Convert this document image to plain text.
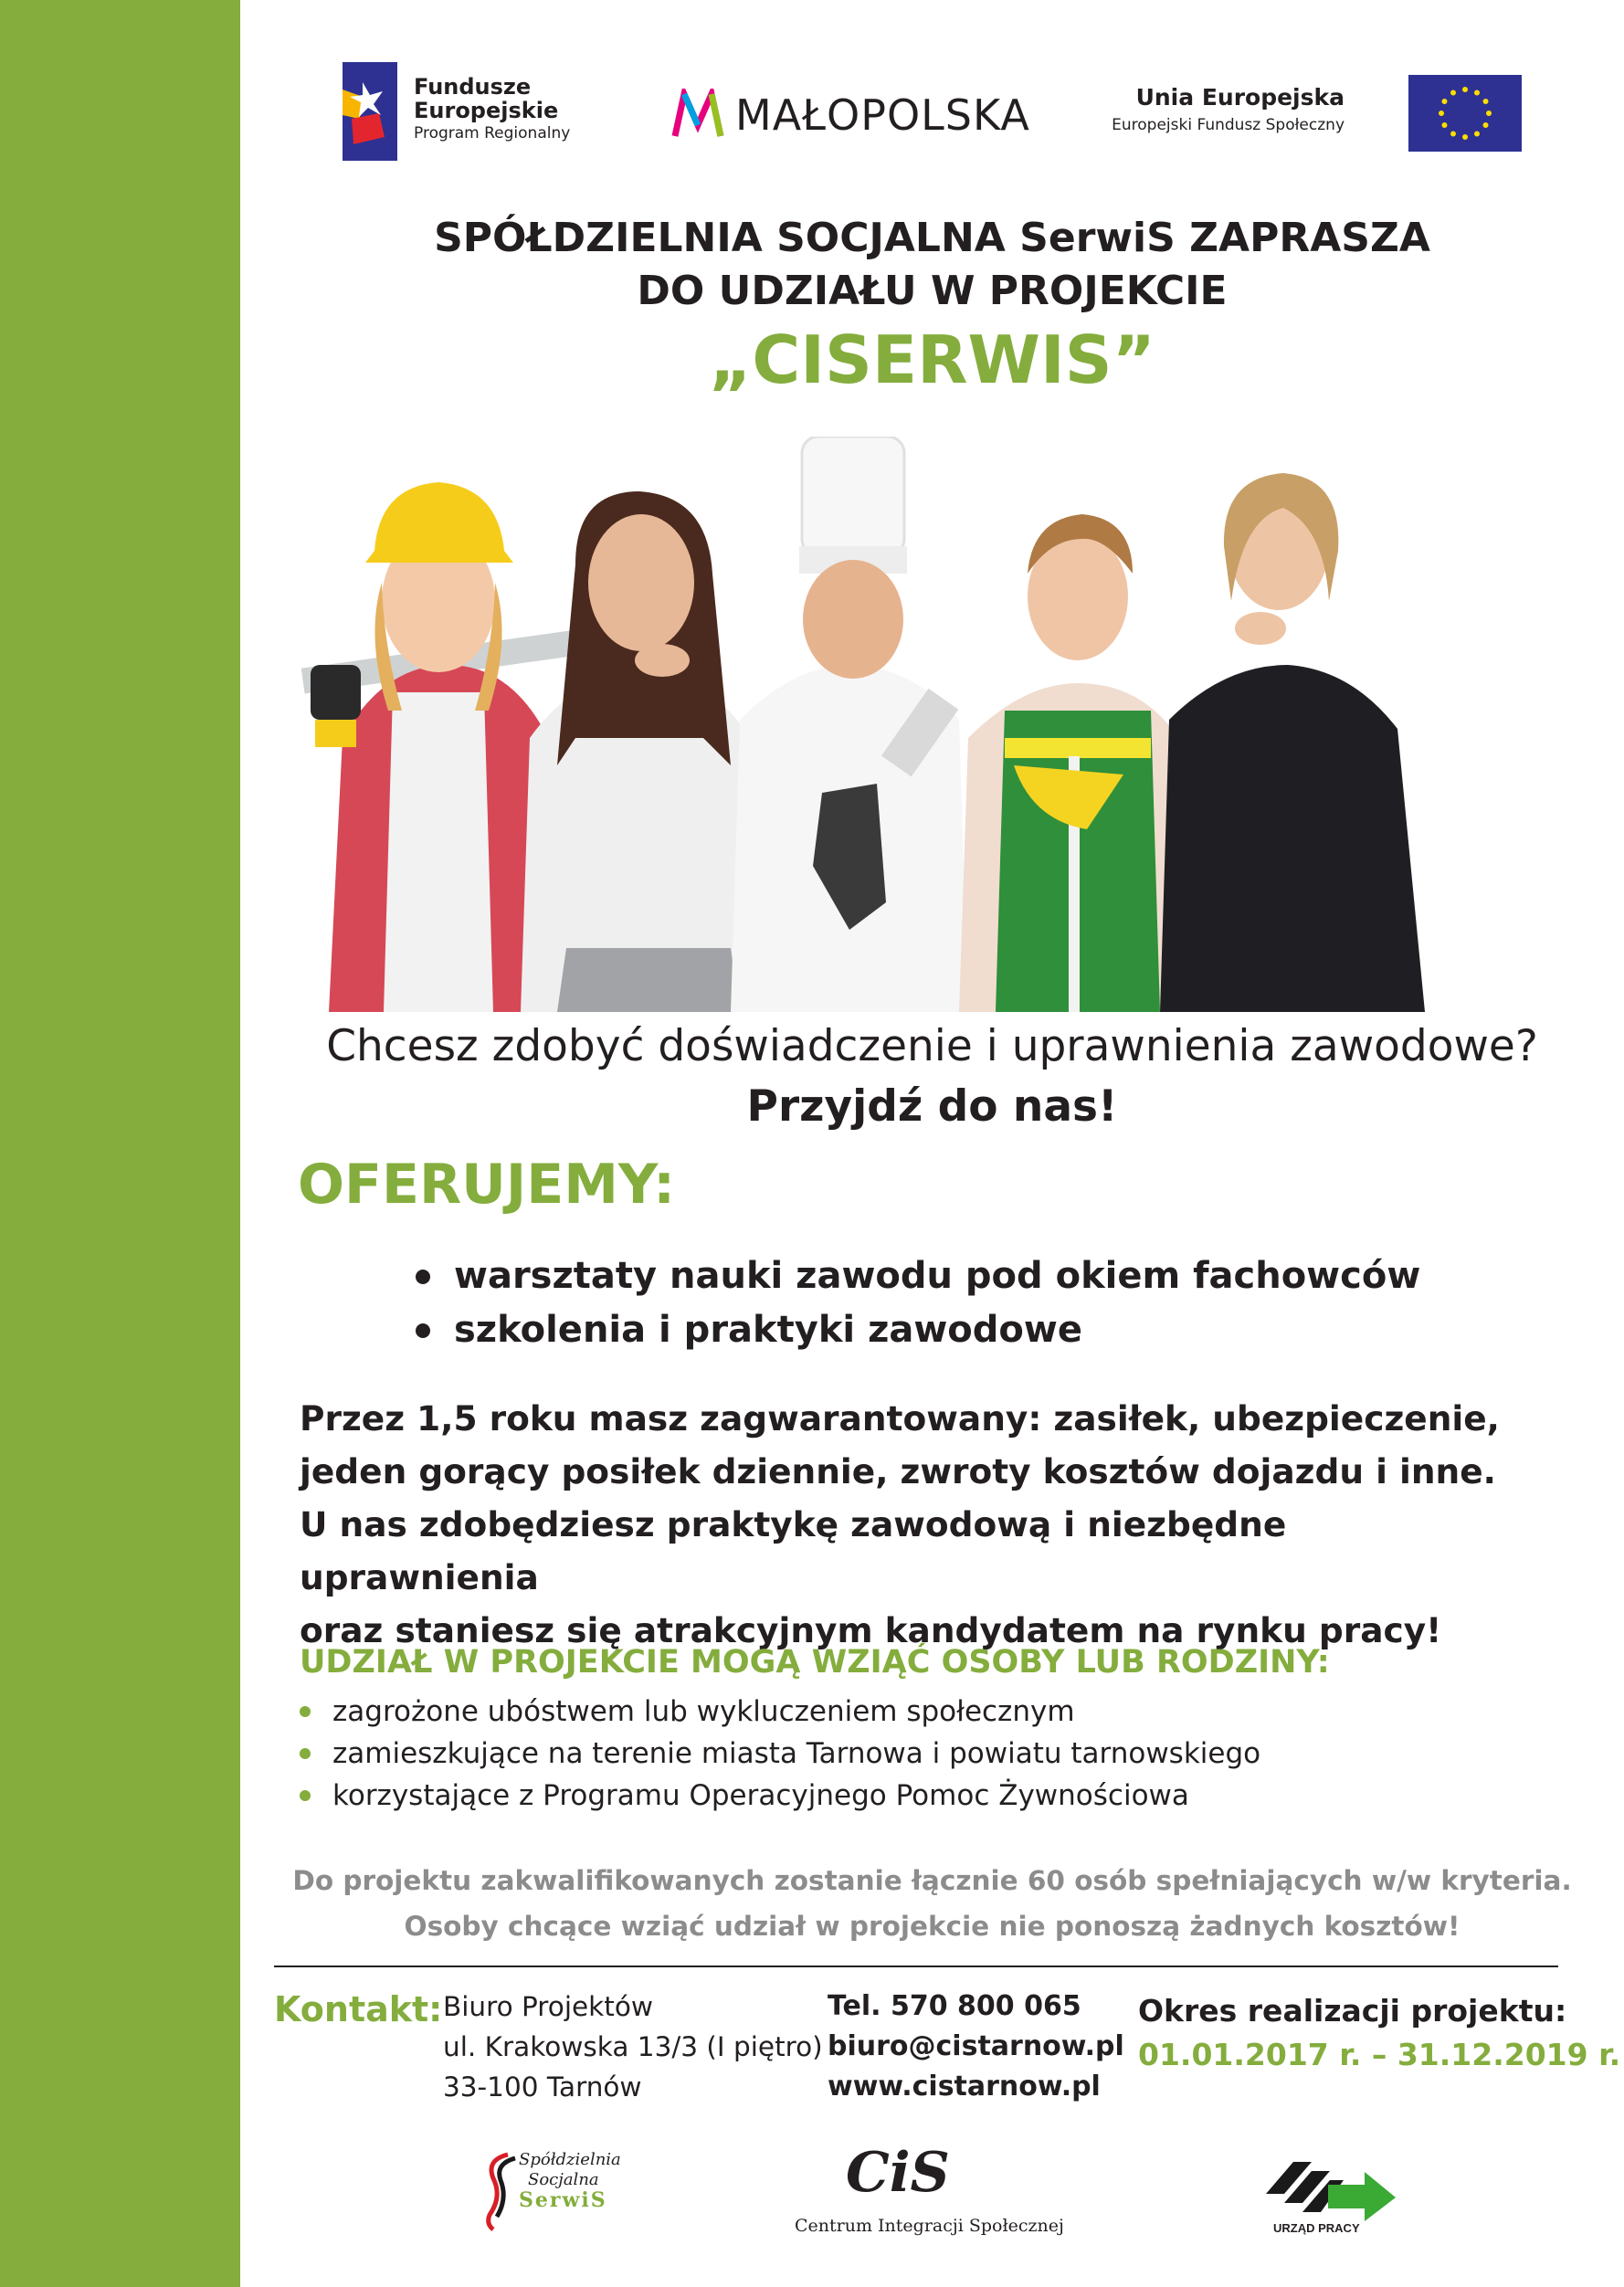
Fundusze
Europejskie
Program Regionalny	MAŁOPOLSKA	Unia Europejska
Europejski Fundusz Społeczny
SPÓŁDZIELNIA SOCJALNA SerwiS ZAPRASZA
DO UDZIAŁU W PROJEKCIE
„CISERWIS”
Chcesz zdobyć doświadczenie i uprawnienia zawodowe?
Przyjdź do nas!
OFERUJEMY:
warsztaty nauki zawodu pod okiem fachowców
szkolenia i praktyki zawodowe
Przez 1,5 roku masz zagwarantowany: zasiłek, ubezpieczenie,
jeden gorący posiłek dziennie, zwroty kosztów dojazdu i inne.
U nas zdobędziesz praktykę zawodową i niezbędne uprawnienia
oraz staniesz się atrakcyjnym kandydatem na rynku pracy!
UDZIAŁ W PROJEKCIE MOGĄ WZIĄĆ OSOBY LUB RODZINY:
zagrożone ubóstwem lub wykluczeniem społecznym
zamieszkujące na terenie miasta Tarnowa i powiatu tarnowskiego
korzystające z Programu Operacyjnego Pomoc Żywnościowa
Do projektu zakwalifikowanych zostanie łącznie 60 osób spełniających w/w kryteria.
Osoby chcące wziąć udział w projekcie nie ponoszą żadnych kosztów!
Kontakt: Biuro Projektów
ul. Krakowska 13/3 (I piętro)
33-100 Tarnów
Tel. 570 800 065
biuro@cistarnow.pl
www.cistarnow.pl
Okres realizacji projektu:
01.01.2017 r. – 31.12.2019 r.
Spółdzielnia
Socjalna
SerwiS	CiS
Centrum Integracji Społecznej	URZĄD PRACY
